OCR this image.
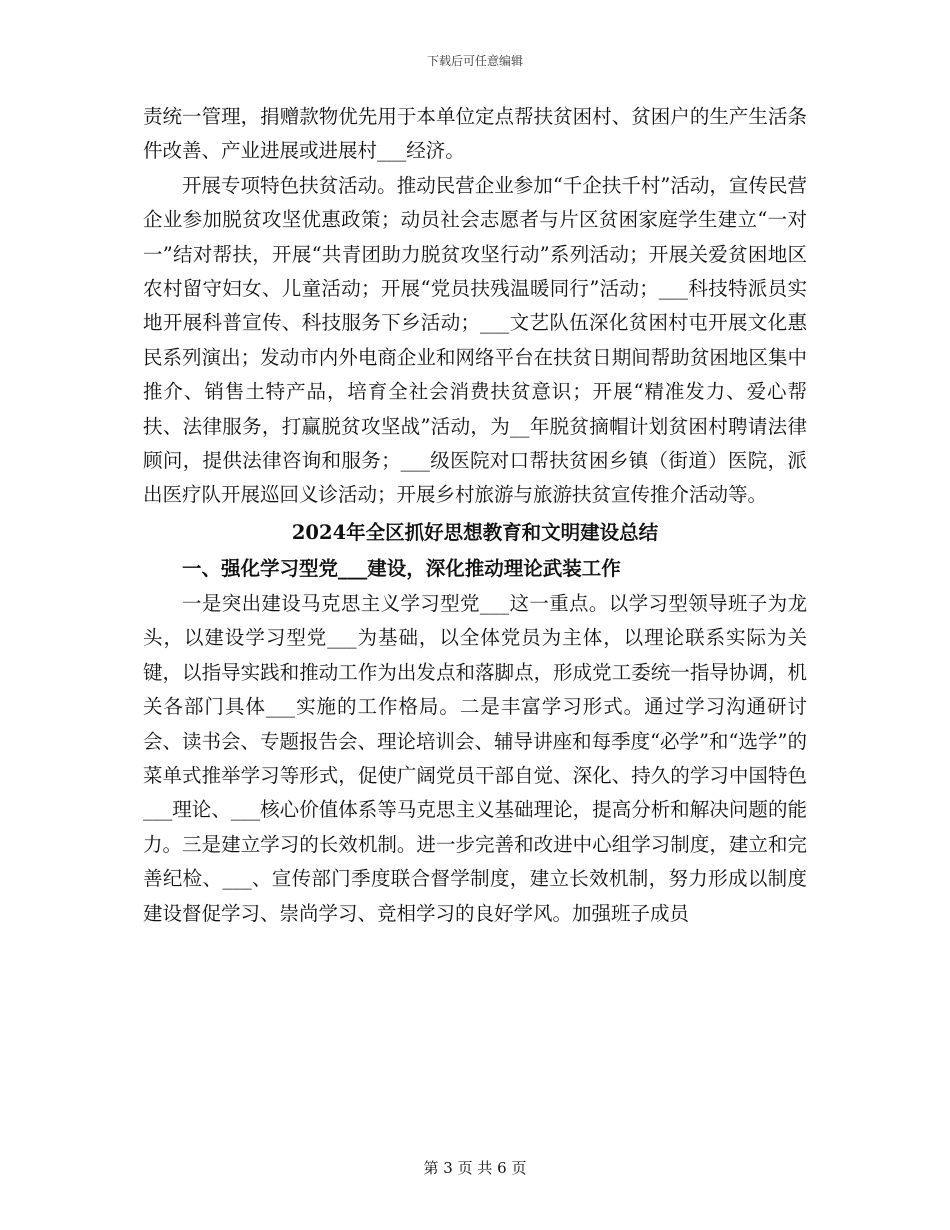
下载后可任意编辑

责统一管理，捐赠款物优先用于本单位定点帮扶贫困村、贫困户的生产生活条件改善、产业进展或进展村___经济。

开展专项特色扶贫活动。推动民营企业参加“千企扶千村”活动，宣传民营企业参加脱贫攻坚优惠政策；动员社会志愿者与片区贫困家庭学生建立“一对一”结对帮扶，开展“共青团助力脱贫攻坚行动”系列活动；开展关爱贫困地区农村留守妇女、儿童活动；开展“党员扶残温暖同行”活动；___科技特派员实地开展科普宣传、科技服务下乡活动；___文艺队伍深化贫困村屯开展文化惠民系列演出；发动市内外电商企业和网络平台在扶贫日期间帮助贫困地区集中推介、销售土特产品，培育全社会消费扶贫意识；开展“精准发力、爱心帮扶、法律服务，打赢脱贫攻坚战”活动，为__年脱贫摘帽计划贫困村聘请法律顾问，提供法律咨询和服务；___级医院对口帮扶贫困乡镇（街道）医院，派出医疗队开展巡回义诊活动；开展乡村旅游与旅游扶贫宣传推介活动等。

2024年全区抓好思想教育和文明建设总结
一、强化学习型党___建设，深化推动理论武装工作

一是突出建设马克思主义学习型党___这一重点。以学习型领导班子为龙头，以建设学习型党___为基础，以全体党员为主体，以理论联系实际为关键，以指导实践和推动工作为出发点和落脚点，形成党工委统一指导协调，机关各部门具体___实施的工作格局。二是丰富学习形式。通过学习沟通研讨会、读书会、专题报告会、理论培训会、辅导讲座和每季度“必学”和“选学”的菜单式推举学习等形式，促使广阔党员干部自觉、深化、持久的学习中国特色___理论、___核心价值体系等马克思主义基础理论，提高分析和解决问题的能力。三是建立学习的长效机制。进一步完善和改进中心组学习制度，建立和完善纪检、___、宣传部门季度联合督学制度，建立长效机制，努力形成以制度建设督促学习、崇尚学习、竞相学习的良好学风。加强班子成员

第 3 页 共 6 页
